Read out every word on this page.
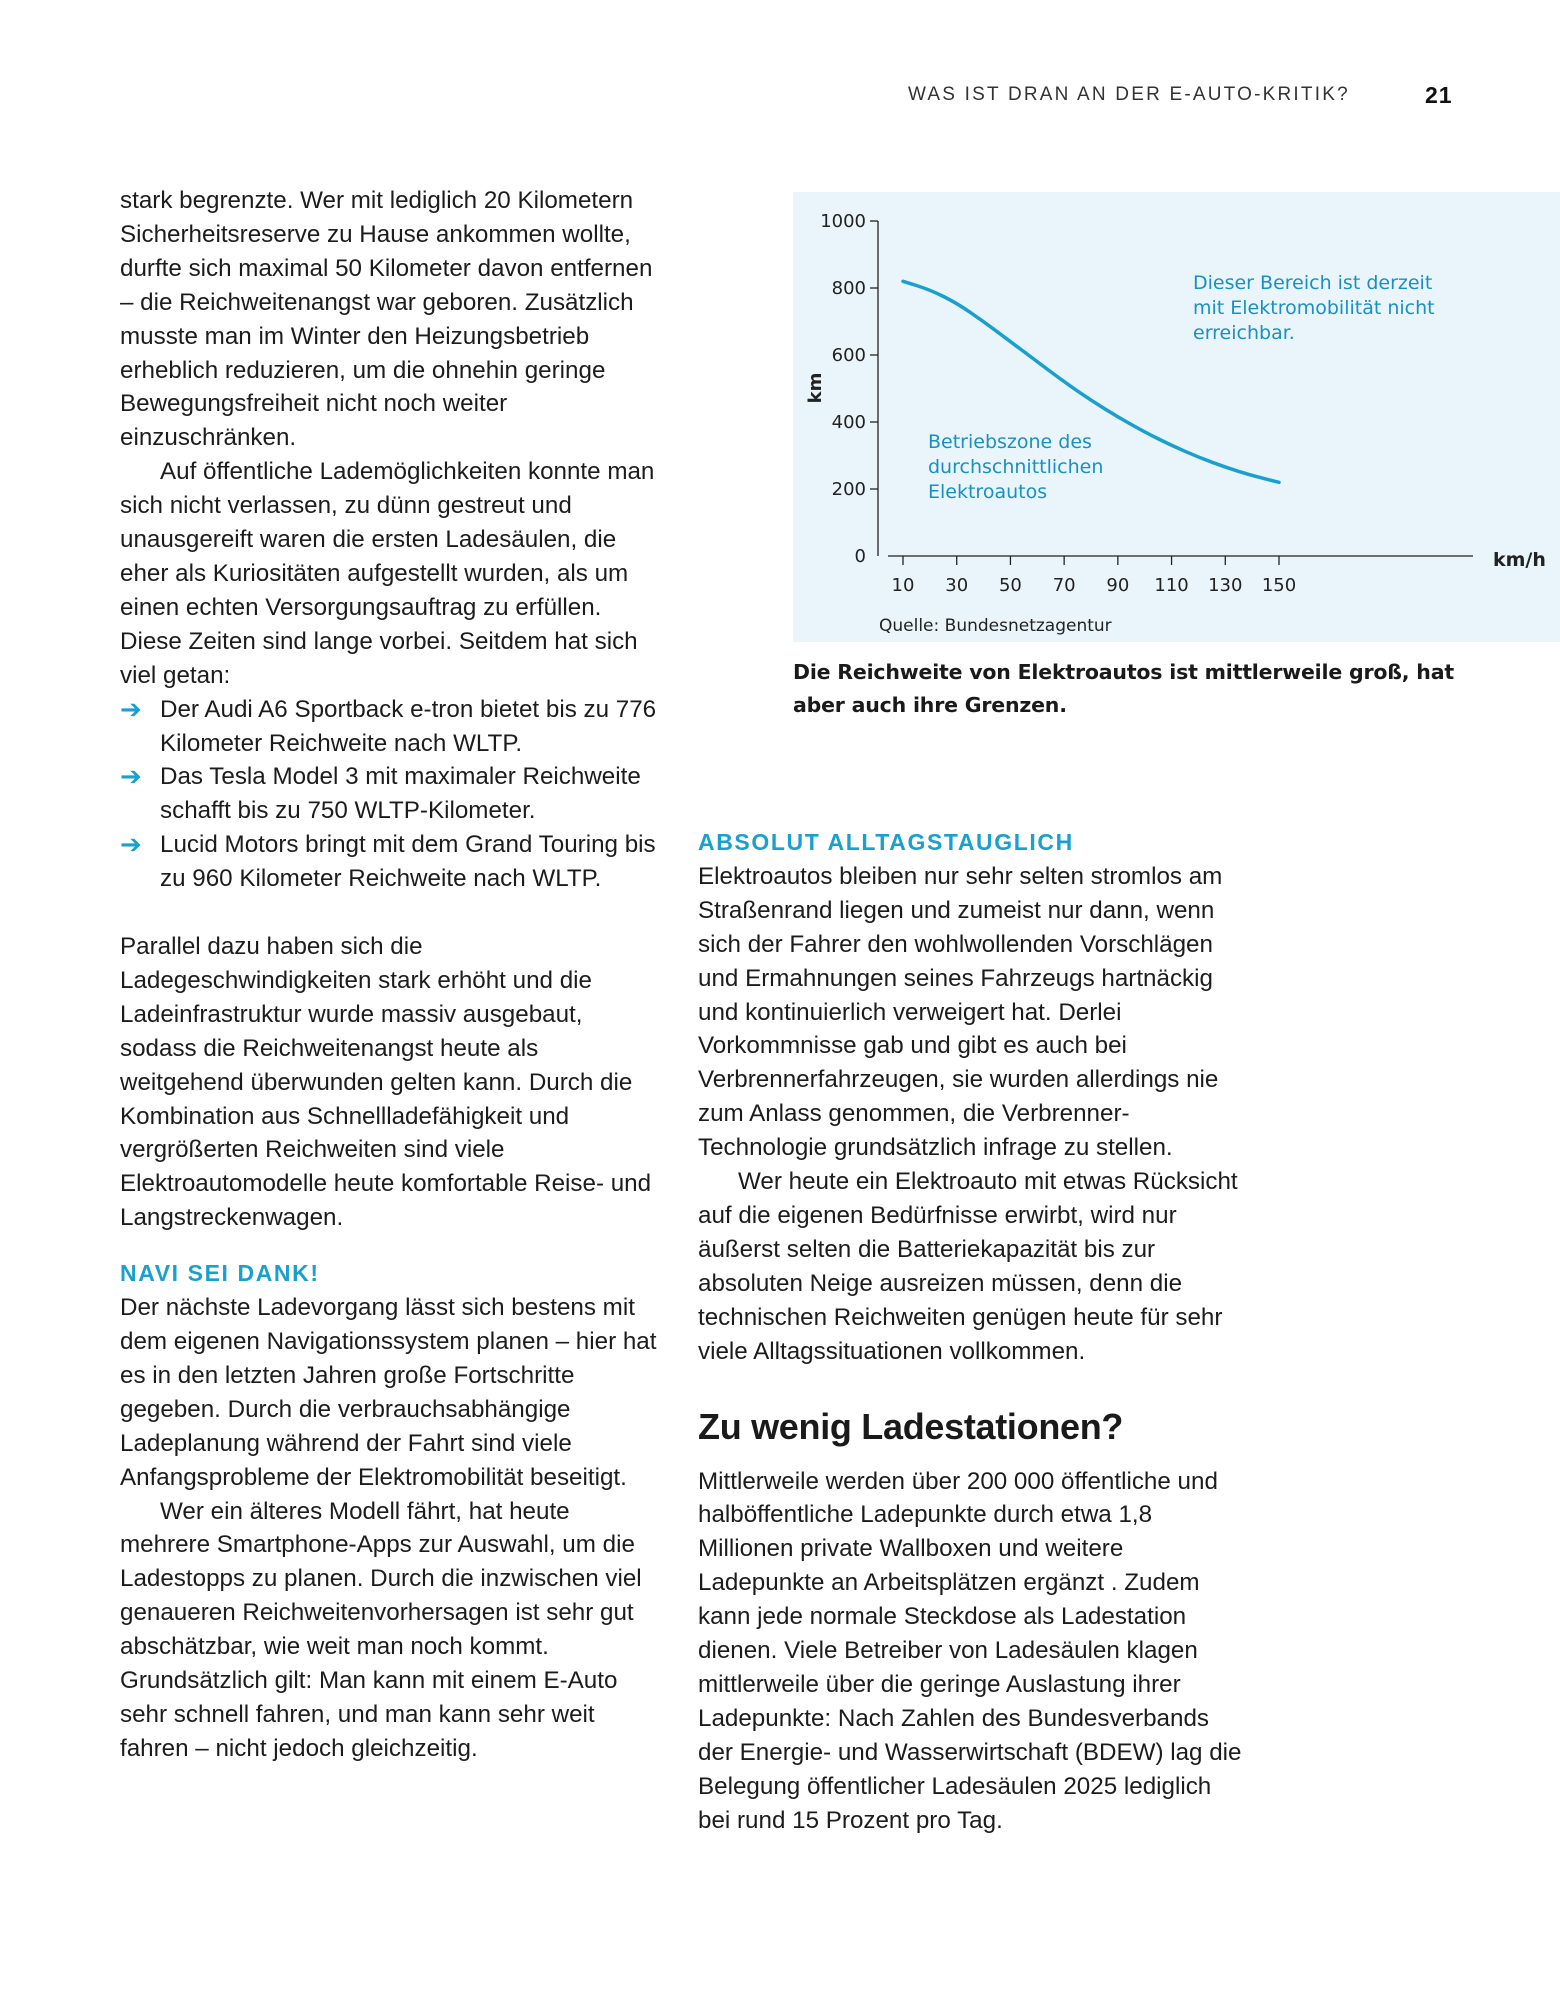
WAS IST DRAN AN DER E-AUTO-KRITIK?	21

stark begrenzte. Wer mit lediglich 20 Kilometern Sicherheitsreserve zu Hause ankommen wollte, durfte sich maximal 50 Kilometer davon entfernen – die Reichweitenangst war geboren. Zusätzlich musste man im Winter den Heizungsbetrieb erheblich reduzieren, um die ohnehin geringe Bewegungsfreiheit nicht noch weiter einzuschränken.

Auf öffentliche Lademöglichkeiten konnte man sich nicht verlassen, zu dünn gestreut und unausgereift waren die ersten Ladesäulen, die eher als Kuriositäten aufgestellt wurden, als um einen echten Versorgungsauftrag zu erfüllen. Diese Zeiten sind lange vorbei. Seitdem hat sich viel getan:

➔ Der Audi A6 Sportback e-tron bietet bis zu 776 Kilometer Reichweite nach WLTP.
➔ Das Tesla Model 3 mit maximaler Reichweite schafft bis zu 750 WLTP-Kilometer.
➔ Lucid Motors bringt mit dem Grand Touring bis zu 960 Kilometer Reichweite nach WLTP.

Parallel dazu haben sich die Ladegeschwindigkeiten stark erhöht und die Ladeinfrastruktur wurde massiv ausgebaut, sodass die Reichweitenangst heute als weitgehend überwunden gelten kann. Durch die Kombination aus Schnellladefähigkeit und vergrößerten Reichweiten sind viele Elektroautomodelle heute komfortable Reise- und Langstreckenwagen.

NAVI SEI DANK!

Der nächste Ladevorgang lässt sich bestens mit dem eigenen Navigationssystem planen – hier hat es in den letzten Jahren große Fortschritte gegeben. Durch die verbrauchsabhängige Ladeplanung während der Fahrt sind viele Anfangsprobleme der Elektromobilität beseitigt.

Wer ein älteres Modell fährt, hat heute mehrere Smartphone-Apps zur Auswahl, um die Ladestopps zu planen. Durch die inzwischen viel genaueren Reichweitenvorhersagen ist sehr gut abschätzbar, wie weit man noch kommt. Grundsätzlich gilt: Man kann mit einem E-Auto sehr schnell fahren, und man kann sehr weit fahren – nicht jedoch gleichzeitig.

0
200
400
600
800
1000
10 30 50 70 90 110 130 150
km
km/h
Quelle: Bundesnetzagentur
Dieser Bereich ist derzeit mit Elektromobilität nicht erreichbar.
Betriebszone des durchschnittlichen Elektroautos
Die Reichweite von Elektroautos ist mittlerweile groß, hat aber auch ihre Grenzen.
ABSOLUT ALLTAGSTAUGLICH

Elektroautos bleiben nur sehr selten stromlos am Straßenrand liegen und zumeist nur dann, wenn sich der Fahrer den wohlwollenden Vorschlägen und Ermahnungen seines Fahrzeugs hartnäckig und kontinuierlich verweigert hat. Derlei Vorkommnisse gab und gibt es auch bei Verbrennerfahrzeugen, sie wurden allerdings nie zum Anlass genommen, die Verbrenner-Technologie grundsätzlich infrage zu stellen.

Wer heute ein Elektroauto mit etwas Rücksicht auf die eigenen Bedürfnisse erwirbt, wird nur äußerst selten die Batteriekapazität bis zur absoluten Neige ausreizen müssen, denn die technischen Reichweiten genügen heute für sehr viele Alltagssituationen vollkommen.

Zu wenig Ladestationen?

Mittlerweile werden über 200 000 öffentliche und halböffentliche Ladepunkte durch etwa 1,8 Millionen private Wallboxen und weitere Ladepunkte an Arbeitsplätzen ergänzt . Zudem kann jede normale Steckdose als Ladestation dienen. Viele Betreiber von Ladesäulen klagen mittlerweile über die geringe Auslastung ihrer Ladepunkte: Nach Zahlen des Bundesverbands der Energie- und Wasserwirtschaft (BDEW) lag die Belegung öffentlicher Ladesäulen 2025 lediglich bei rund 15 Prozent pro Tag.
